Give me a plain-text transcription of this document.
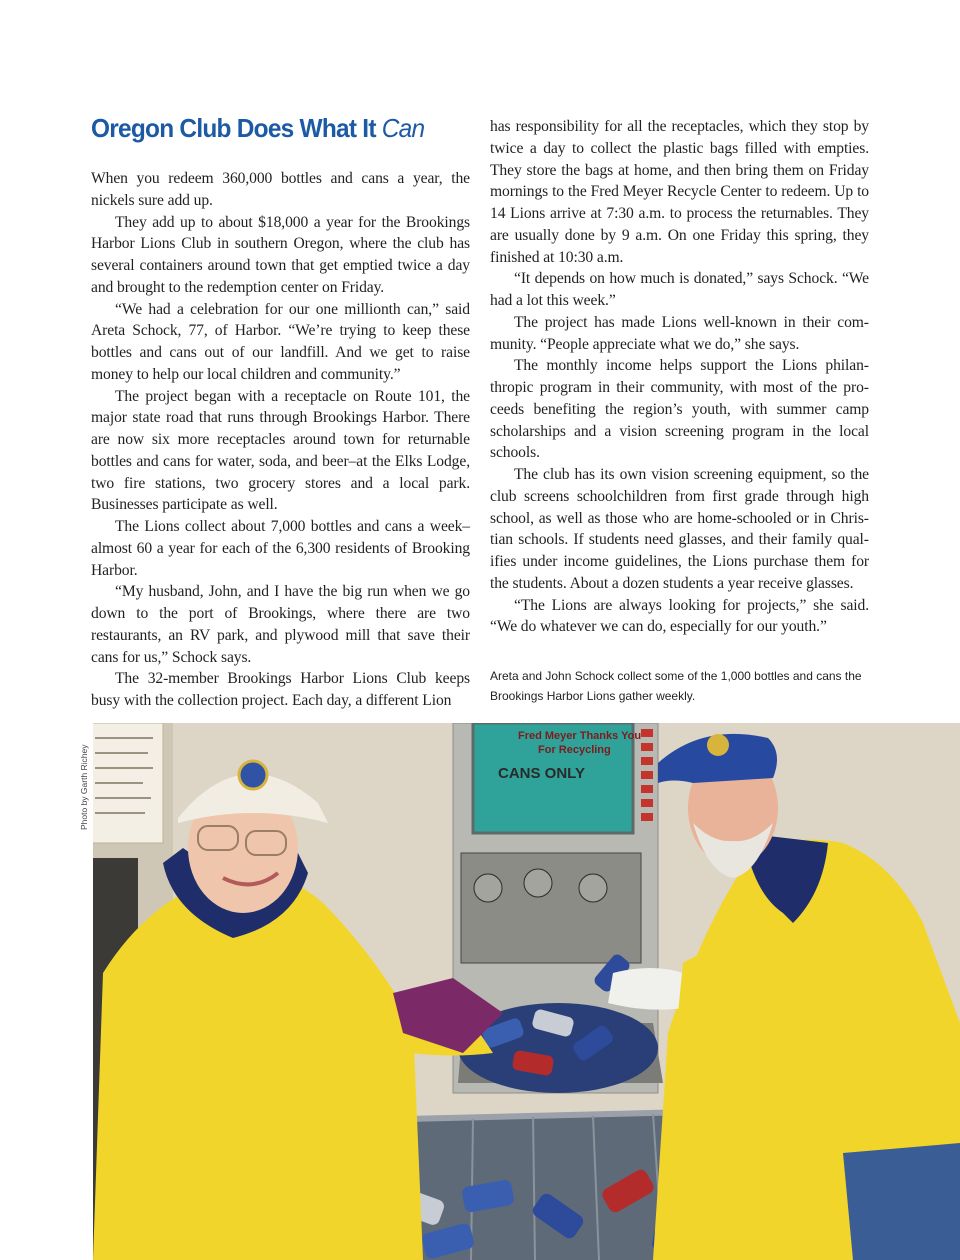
Oregon Club Does What It Can

When you redeem 360,000 bottles and cans a year, the nickels sure add up.

They add up to about $18,000 a year for the Brookings Harbor Lions Club in southern Oregon, where the club has several containers around town that get emptied twice a day and brought to the redemption center on Friday.

“We had a celebration for our one millionth can,” said Areta Schock, 77, of Harbor. “We’re trying to keep these bottles and cans out of our landfill. And we get to raise money to help our local children and community.”

The project began with a receptacle on Route 101, the major state road that runs through Brookings Harbor. There are now six more receptacles around town for returnable bottles and cans for water, soda, and beer–at the Elks Lodge, two fire stations, two grocery stores and a local park. Businesses participate as well.

The Lions collect about 7,000 bottles and cans a week–almost 60 a year for each of the 6,300 residents of Brooking Harbor.

“My husband, John, and I have the big run when we go down to the port of Brookings, where there are two restaurants, an RV park, and plywood mill that save their cans for us,” Schock says.

The 32-member Brookings Harbor Lions Club keeps busy with the collection project. Each day, a different Lion

has responsibility for all the receptacles, which they stop by twice a day to collect the plastic bags filled with empties. They store the bags at home, and then bring them on Friday mornings to the Fred Meyer Recycle Center to redeem. Up to 14 Lions arrive at 7:30 a.m. to process the returnables. They are usually done by 9 a.m. On one Friday this spring, they finished at 10:30 a.m.

“It depends on how much is donated,” says Schock. “We had a lot this week.”

The project has made Lions well-known in their community. “People appreciate what we do,” she says.

The monthly income helps support the Lions philanthropic program in their community, with most of the proceeds benefiting the region’s youth, with summer camp scholarships and a vision screening program in the local schools.

The club has its own vision screening equipment, so the club screens schoolchildren from first grade through high school, as well as those who are home-schooled or in Christian schools. If students need glasses, and their family qualifies under income guidelines, the Lions purchase them for the students. About a dozen students a year receive glasses.

“The Lions are always looking for projects,” she said. “We do whatever we can do, especially for our youth.”

Areta and John Schock collect some of the 1,000 bottles and cans the Brookings Harbor Lions gather weekly.
Photo by Garth Richey
Fred Meyer Thanks You
For Recycling
CANS ONLY
